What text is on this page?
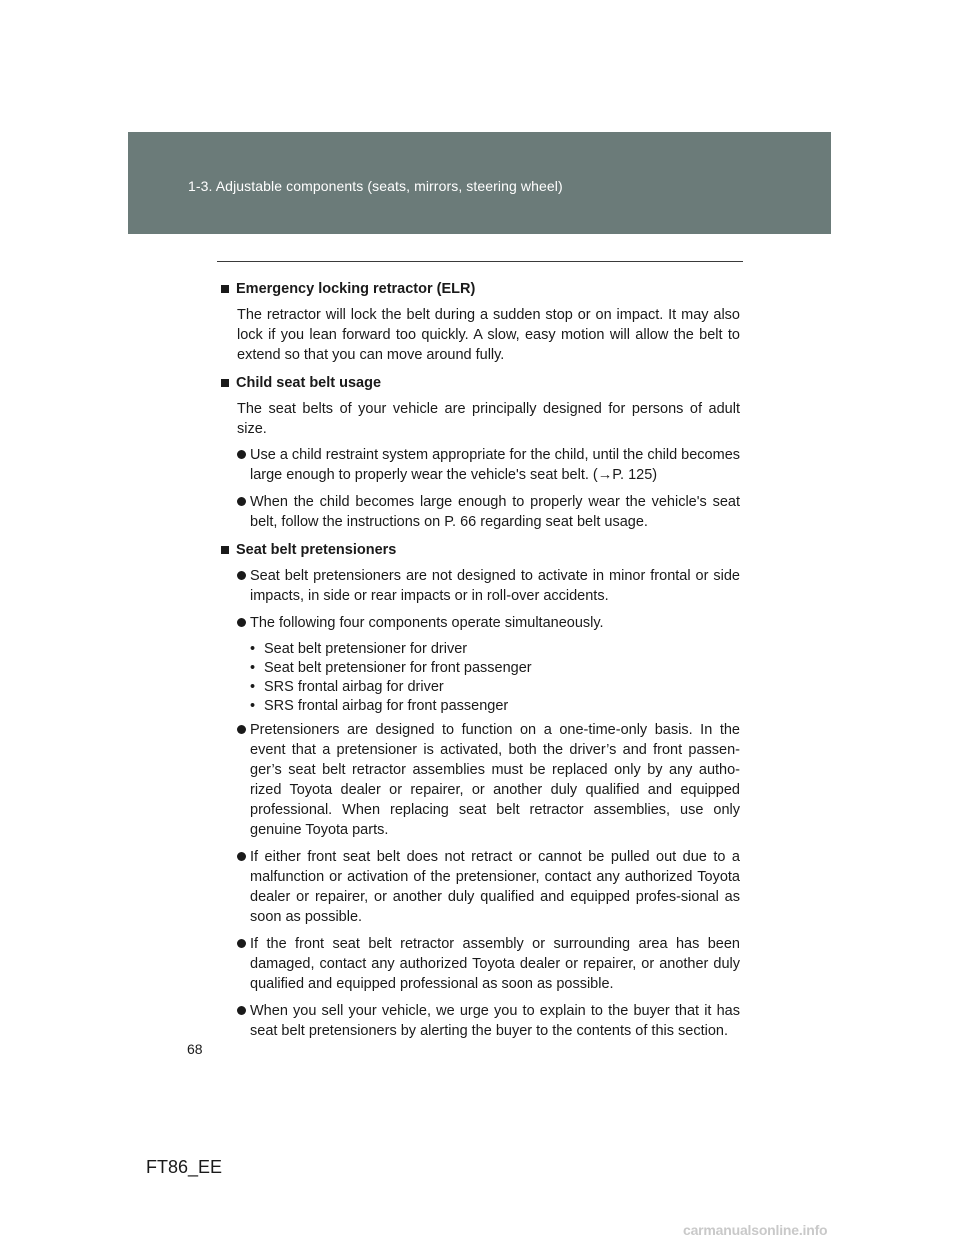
1-3. Adjustable components (seats, mirrors, steering wheel)
Emergency locking retractor (ELR)

The retractor will lock the belt during a sudden stop or on impact. It may also lock if you lean forward too quickly. A slow, easy motion will allow the belt to extend so that you can move around fully.

Child seat belt usage

The seat belts of your vehicle are principally designed for persons of adult size.

Use a child restraint system appropriate for the child, until the child becomes large enough to properly wear the vehicle's seat belt. (→P. 125)
When the child becomes large enough to properly wear the vehicle's seat belt, follow the instructions on P. 66 regarding seat belt usage.
Seat belt pretensioners
Seat belt pretensioners are not designed to activate in minor frontal or side impacts, in side or rear impacts or in roll-over accidents.
The following four components operate simultaneously.
• Seat belt pretensioner for driver
• Seat belt pretensioner for front passenger
• SRS frontal airbag for driver
• SRS frontal airbag for front passenger
Pretensioners are designed to function on a one-time-only basis. In the event that a pretensioner is activated, both the driver’s and front passen-ger’s seat belt retractor assemblies must be replaced only by any autho-rized Toyota dealer or repairer, or another duly qualified and equipped professional. When replacing seat belt retractor assemblies, use only genuine Toyota parts.
If either front seat belt does not retract or cannot be pulled out due to a malfunction or activation of the pretensioner, contact any authorized Toyota dealer or repairer, or another duly qualified and equipped profes-sional as soon as possible.
If the front seat belt retractor assembly or surrounding area has been damaged, contact any authorized Toyota dealer or repairer, or another duly qualified and equipped professional as soon as possible.
When you sell your vehicle, we urge you to explain to the buyer that it has seat belt pretensioners by alerting the buyer to the contents of this section.
68
FT86_EE
carmanualsonline.info
